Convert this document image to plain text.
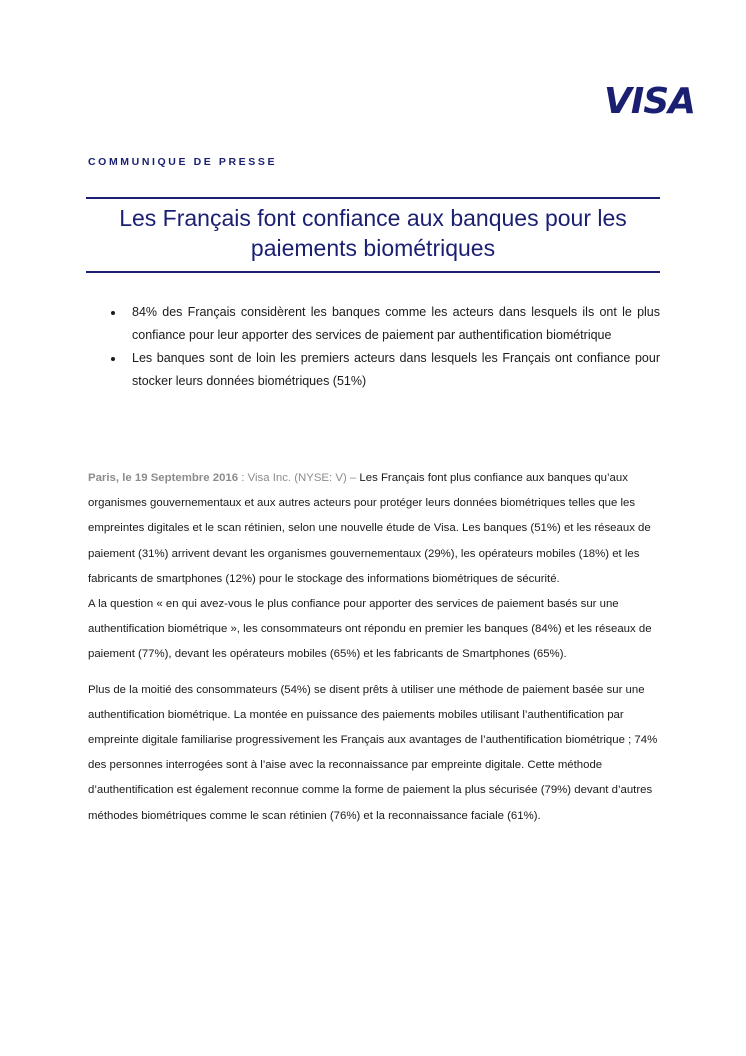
VISA
COMMUNIQUE DE PRESSE
Les Français font confiance aux banques pour les
paiements biométriques
84% des Français considèrent les banques comme les acteurs dans lesquels ils ont le plus confiance pour leur apporter des services de paiement par authentification biométrique
Les banques sont de loin les premiers acteurs dans lesquels les Français ont confiance pour stocker leurs données biométriques (51%)

Paris, le 19 Septembre 2016 : Visa Inc. (NYSE: V) – Les Français font plus confiance aux banques qu’aux organismes gouvernementaux et aux autres acteurs pour protéger leurs données biométriques telles que les empreintes digitales et le scan rétinien, selon une nouvelle étude de Visa. Les banques (51%) et les réseaux de paiement (31%) arrivent devant les organismes gouvernementaux (29%), les opérateurs mobiles (18%) et les fabricants de smartphones (12%) pour le stockage des informations biométriques de sécurité.

A la question « en qui avez-vous le plus confiance pour apporter des services de paiement basés sur une authentification biométrique », les consommateurs ont répondu en premier les banques (84%) et les réseaux de paiement (77%), devant les opérateurs mobiles (65%) et les fabricants de Smartphones (65%).

Plus de la moitié des consommateurs (54%) se disent prêts à utiliser une méthode de paiement basée sur une authentification biométrique. La montée en puissance des paiements mobiles utilisant l’authentification par empreinte digitale familiarise progressivement les Français aux avantages de l’authentification biométrique ; 74% des personnes interrogées sont à l’aise avec la reconnaissance par empreinte digitale. Cette méthode d’authentification est également reconnue comme la forme de paiement la plus sécurisée (79%) devant d’autres méthodes biométriques comme le scan rétinien (76%) et la reconnaissance faciale (61%).
